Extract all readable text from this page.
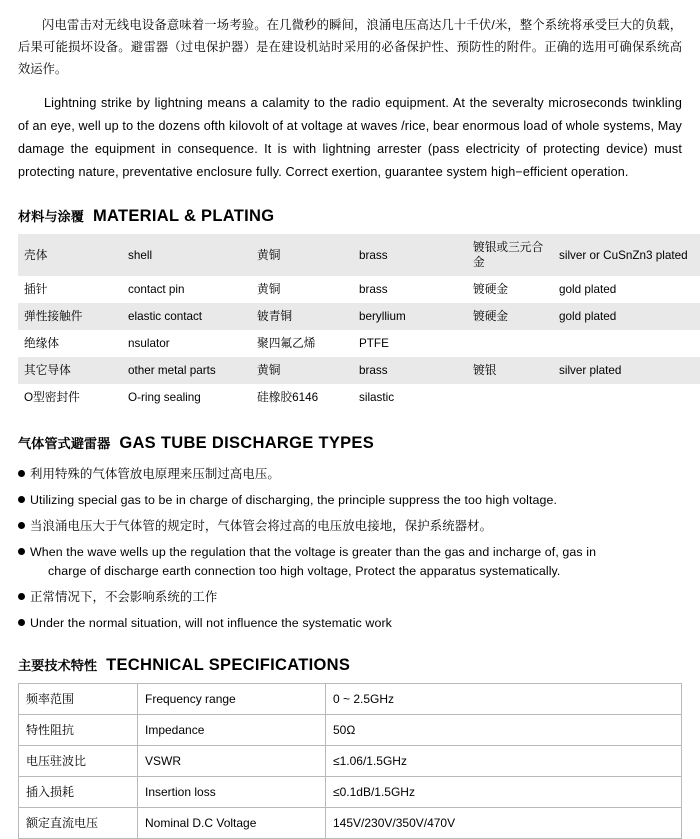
闪电雷击对无线电设备意味着一场考验。在几微秒的瞬间，浪涌电压高达几十千伏/米，整个系统将承受巨大的负载，后果可能损坏设备。避雷器（过电保护器）是在建设机站时采用的必备保护性、预防性的附件。正确的选用可确保系统高效运作。

Lightning strike by lightning means a calamity to the radio equipment. At the severalty microseconds twinkling of an eye, well up to the dozens ofth kilovolt of at voltage at waves /rice, bear enormous load of whole systems, May damage the equipment in consequence. It is with lightning arrester (pass electricity of protecting device) must protecting nature, preventative enclosure fully. Correct exertion, guarantee system high−efficient operation.

材料与涂覆 MATERIAL & PLATING
壳体	shell	黄铜	brass	镀银或三元合金	silver or CuSnZn3 plated
插针	contact pin	黄铜	brass	镀硬金	gold plated
弹性接触件	elastic contact	铍青铜	beryllium	镀硬金	gold plated
绝缘体	nsulator	聚四氟乙烯	PTFE		
其它导体	other metal parts	黄铜	brass	镀银	silver plated
O型密封件	O-ring sealing	硅橡胶6146	silastic		
气体管式避雷器 GAS TUBE DISCHARGE TYPES
利用特殊的气体管放电原理来压制过高电压。
Utilizing special gas to be in charge of discharging, the principle suppress the too high voltage.
当浪涌电压大于气体管的规定时，气体管会将过高的电压放电接地，保护系统器材。
When the wave wells up the regulation that the voltage is greater than the gas and incharge of, gas in
charge of discharge earth connection too high voltage, Protect the apparatus systematically.
正常情况下，不会影响系统的工作
Under the normal situation, will not influence the systematic work
主要技术特性 TECHNICAL SPECIFICATIONS
频率范围	Frequency range	0 ~ 2.5GHz
特性阻抗	Impedance	50Ω
电压驻波比	VSWR	≤1.06/1.5GHz
插入损耗	Insertion loss	≤0.1dB/1.5GHz
额定直流电压	Nominal D.C Voltage	145V/230V/350V/470V
